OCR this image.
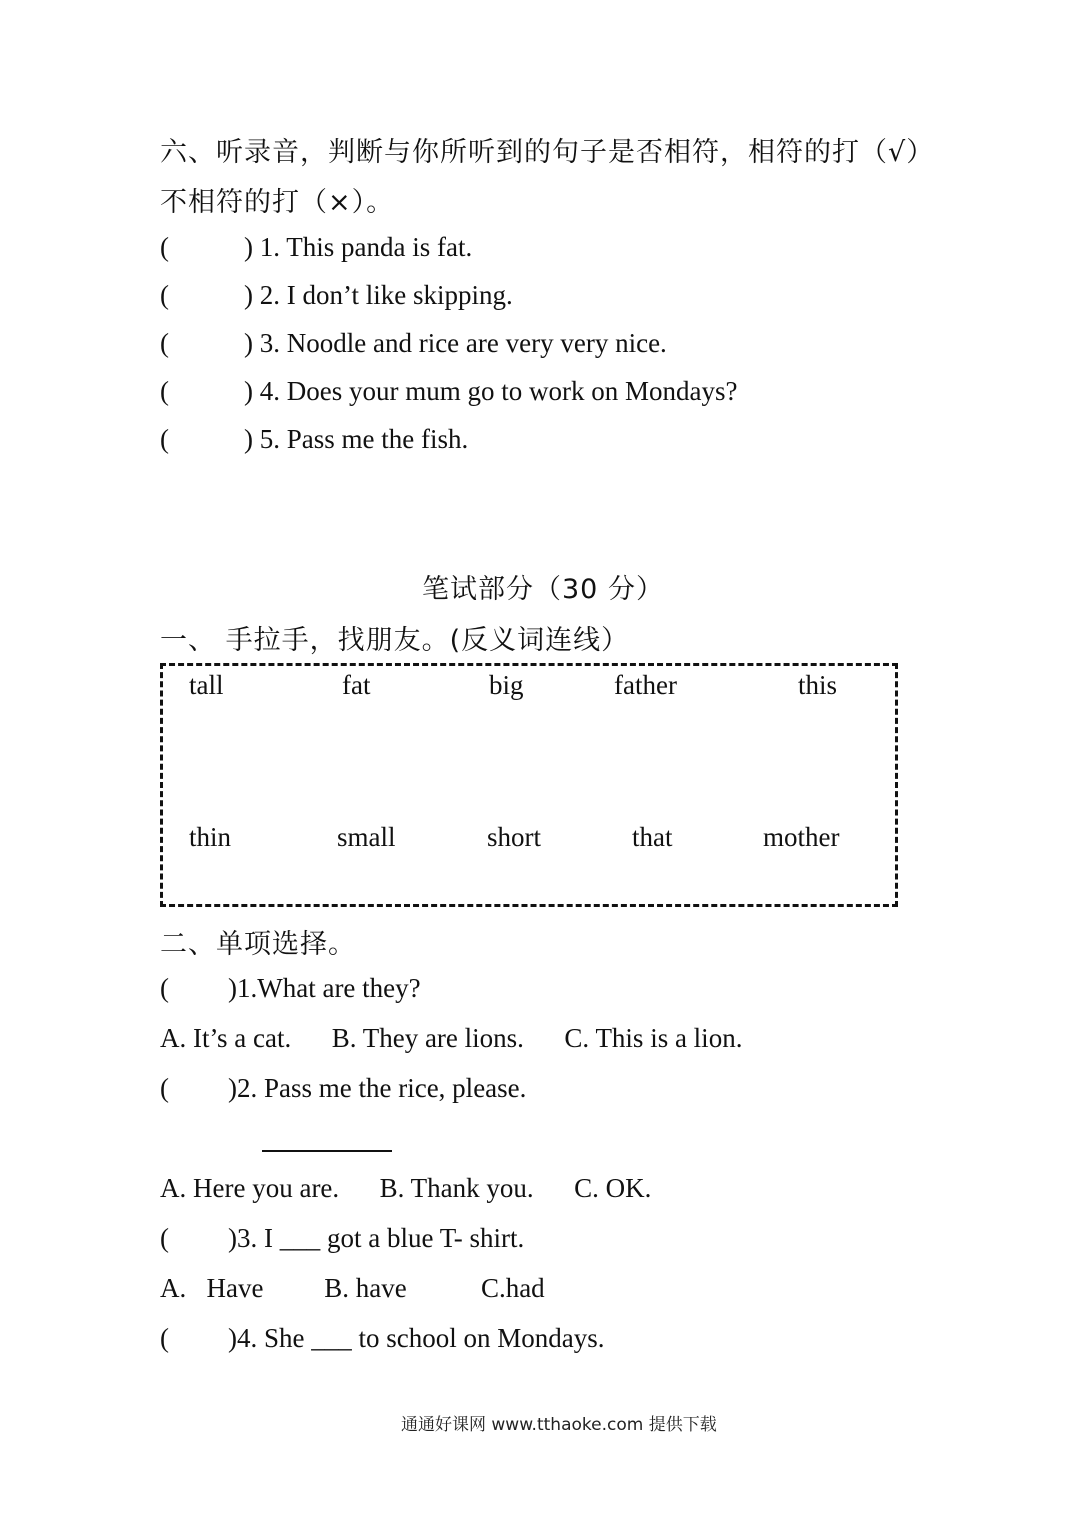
六、听录音，判断与你所听到的句子是否相符，相符的打（√）
不相符的打（×）。
(	) 1. This panda is fat.
(	) 2. I don’t like skipping.
(	) 3. Noodle and rice are very very nice.
(	) 4. Does your mum go to work on Mondays?
(	) 5. Pass me the fish.
笔试部分（30 分）
一、 手拉手，找朋友。(反义词连线）
tall	fat	big	father	this
thin	small	short	that	mother
二、单项选择。
( )1.What are they?
A. It’s a cat.      B. They are lions.      C. This is a lion.
( )2. Pass me the rice, please.
A. Here you are.      B. Thank you.      C. OK.
( )3. I ___ got a blue T- shirt.
A.   Have         B. have           C.had
( )4. She ___ to school on Mondays.
通通好课网 www.tthaoke.com 提供下载
